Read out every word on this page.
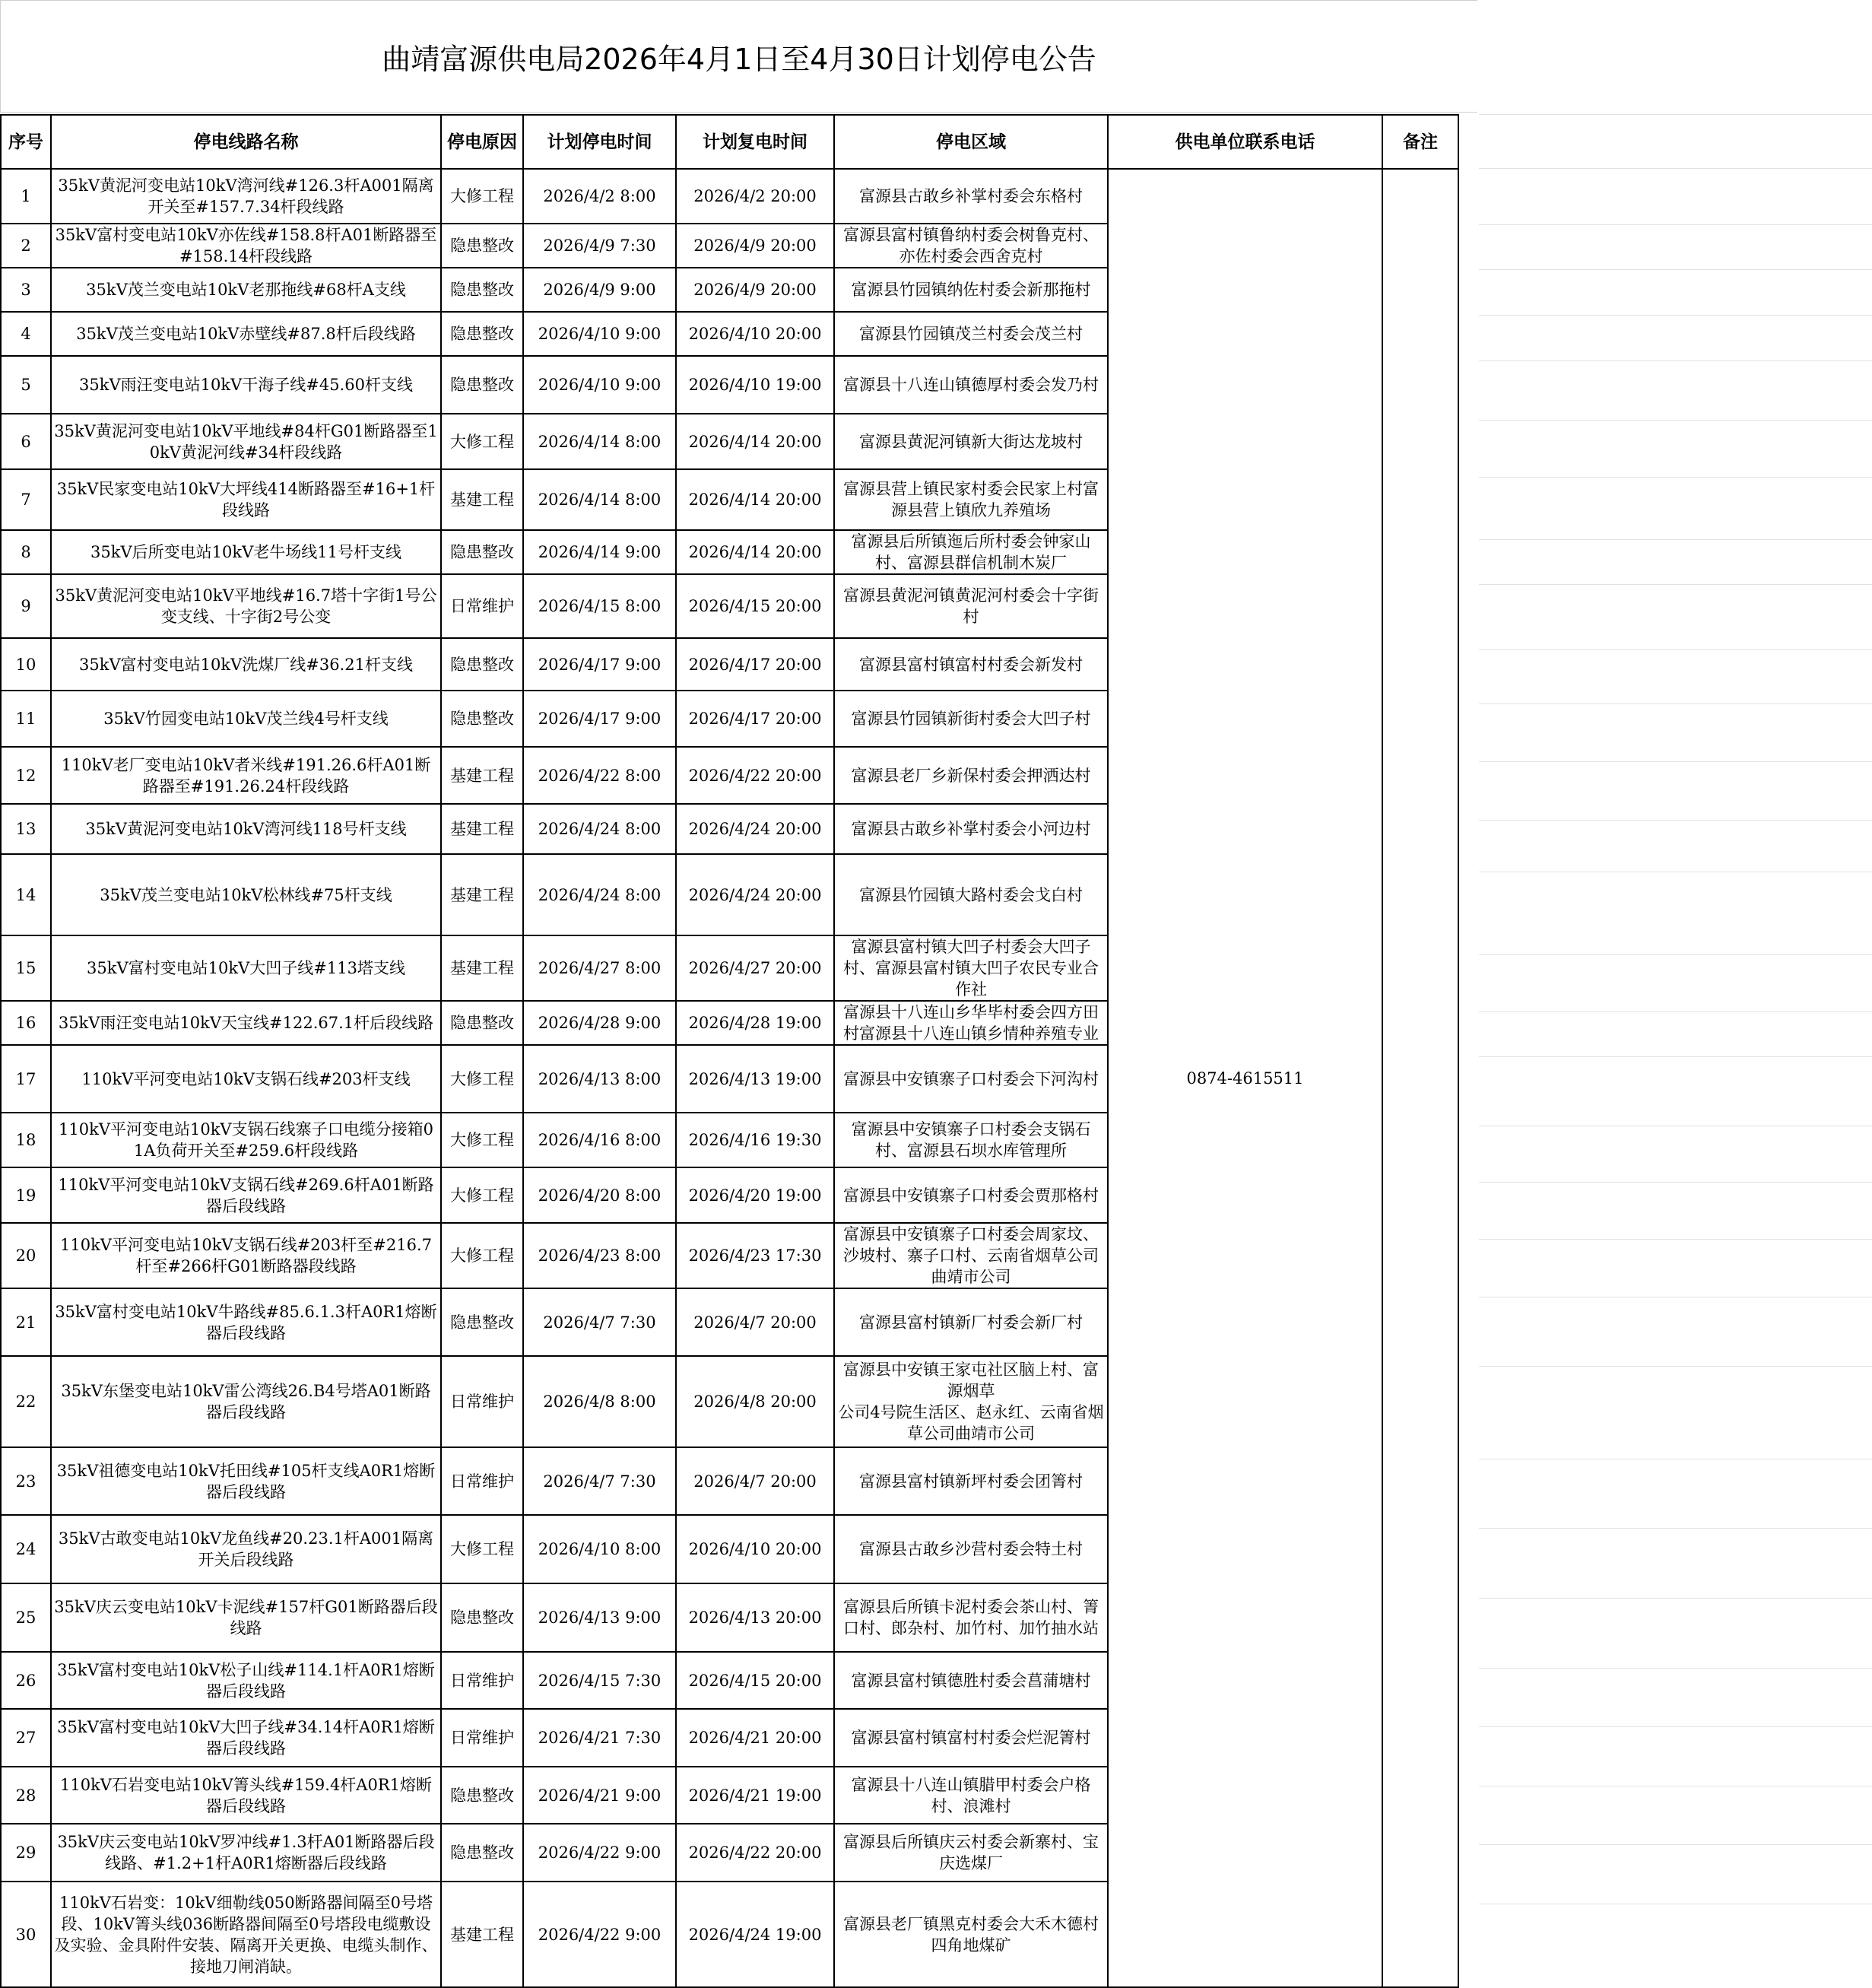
曲靖富源供电局2026年4月1日至4月30日计划停电公告
序号	停电线路名称	停电原因	计划停电时间	计划复电时间	停电区域	供电单位联系电话	备注
1	35kV黄泥河变电站10kV湾河线#126.3杆A001隔离开关至#157.7.34杆段线路	大修工程	2026/4/2 8:00	2026/4/2 20:00	富源县古敢乡补掌村委会东格村	0874-4615511	
2	35kV富村变电站10kV亦佐线#158.8杆A01断路器至#158.14杆段线路	隐患整改	2026/4/9 7:30	2026/4/9 20:00	富源县富村镇鲁纳村委会树鲁克村、亦佐村委会西舍克村		
3	35kV茂兰变电站10kV老那拖线#68杆A支线	隐患整改	2026/4/9 9:00	2026/4/9 20:00	富源县竹园镇纳佐村委会新那拖村		
4	35kV茂兰变电站10kV赤壁线#87.8杆后段线路	隐患整改	2026/4/10 9:00	2026/4/10 20:00	富源县竹园镇茂兰村委会茂兰村		
5	35kV雨汪变电站10kV干海子线#45.60杆支线	隐患整改	2026/4/10 9:00	2026/4/10 19:00	富源县十八连山镇德厚村委会发乃村		
6	35kV黄泥河变电站10kV平地线#84杆G01断路器至10kV黄泥河线#34杆段线路	大修工程	2026/4/14 8:00	2026/4/14 20:00	富源县黄泥河镇新大街达龙坡村		
7	35kV民家变电站10kV大坪线414断路器至#16+1杆段线路	基建工程	2026/4/14 8:00	2026/4/14 20:00	富源县营上镇民家村委会民家上村富源县营上镇欣九养殖场		
8	35kV后所变电站10kV老牛场线11号杆支线	隐患整改	2026/4/14 9:00	2026/4/14 20:00	富源县后所镇迤后所村委会钟家山村、富源县群信机制木炭厂		
9	35kV黄泥河变电站10kV平地线#16.7塔十字街1号公变支线、十字街2号公变	日常维护	2026/4/15 8:00	2026/4/15 20:00	富源县黄泥河镇黄泥河村委会十字街村		
10	35kV富村变电站10kV洗煤厂线#36.21杆支线	隐患整改	2026/4/17 9:00	2026/4/17 20:00	富源县富村镇富村村委会新发村		
11	35kV竹园变电站10kV茂兰线4号杆支线	隐患整改	2026/4/17 9:00	2026/4/17 20:00	富源县竹园镇新街村委会大凹子村		
12	110kV老厂变电站10kV者米线#191.26.6杆A01断路器至#191.26.24杆段线路	基建工程	2026/4/22 8:00	2026/4/22 20:00	富源县老厂乡新保村委会押洒达村		
13	35kV黄泥河变电站10kV湾河线118号杆支线	基建工程	2026/4/24 8:00	2026/4/24 20:00	富源县古敢乡补掌村委会小河边村		
14	35kV茂兰变电站10kV松林线#75杆支线	基建工程	2026/4/24 8:00	2026/4/24 20:00	富源县竹园镇大路村委会戈白村		
15	35kV富村变电站10kV大凹子线#113塔支线	基建工程	2026/4/27 8:00	2026/4/27 20:00	富源县富村镇大凹子村委会大凹子村、富源县富村镇大凹子农民专业合作社		
16	35kV雨汪变电站10kV天宝线#122.67.1杆后段线路	隐患整改	2026/4/28 9:00	2026/4/28 19:00	富源县十八连山乡华毕村委会四方田村富源县十八连山镇乡情种养殖专业		
17	110kV平河变电站10kV支锅石线#203杆支线	大修工程	2026/4/13 8:00	2026/4/13 19:00	富源县中安镇寨子口村委会下河沟村		
18	110kV平河变电站10kV支锅石线寨子口电缆分接箱01A负荷开关至#259.6杆段线路	大修工程	2026/4/16 8:00	2026/4/16 19:30	富源县中安镇寨子口村委会支锅石村、富源县石坝水库管理所		
19	110kV平河变电站10kV支锅石线#269.6杆A01断路器后段线路	大修工程	2026/4/20 8:00	2026/4/20 19:00	富源县中安镇寨子口村委会贾那格村		
20	110kV平河变电站10kV支锅石线#203杆至#216.7杆至#266杆G01断路器段线路	大修工程	2026/4/23 8:00	2026/4/23 17:30	富源县中安镇寨子口村委会周家坟、沙坡村、寨子口村、云南省烟草公司曲靖市公司		
21	35kV富村变电站10kV牛路线#85.6.1.3杆A0R1熔断器后段线路	隐患整改	2026/4/7 7:30	2026/4/7 20:00	富源县富村镇新厂村委会新厂村		
22	35kV东堡变电站10kV雷公湾线26.B4号塔A01断路器后段线路	日常维护	2026/4/8 8:00	2026/4/8 20:00	富源县中安镇王家屯社区脑上村、富源烟草
公司4号院生活区、赵永红、云南省烟草公司曲靖市公司		
23	35kV祖德变电站10kV托田线#105杆支线A0R1熔断器后段线路	日常维护	2026/4/7 7:30	2026/4/7 20:00	富源县富村镇新坪村委会团箐村		
24	35kV古敢变电站10kV龙鱼线#20.23.1杆A001隔离开关后段线路	大修工程	2026/4/10 8:00	2026/4/10 20:00	富源县古敢乡沙营村委会特土村		
25	35kV庆云变电站10kV卡泥线#157杆G01断路器后段线路	隐患整改	2026/4/13 9:00	2026/4/13 20:00	富源县后所镇卡泥村委会茶山村、箐口村、郎杂村、加竹村、加竹抽水站		
26	35kV富村变电站10kV松子山线#114.1杆A0R1熔断器后段线路	日常维护	2026/4/15 7:30	2026/4/15 20:00	富源县富村镇德胜村委会菖蒲塘村		
27	35kV富村变电站10kV大凹子线#34.14杆A0R1熔断器后段线路	日常维护	2026/4/21 7:30	2026/4/21 20:00	富源县富村镇富村村委会烂泥箐村		
28	110kV石岩变电站10kV箐头线#159.4杆A0R1熔断器后段线路	隐患整改	2026/4/21 9:00	2026/4/21 19:00	富源县十八连山镇腊甲村委会户格村、浪滩村		
29	35kV庆云变电站10kV罗冲线#1.3杆A01断路器后段线路、#1.2+1杆A0R1熔断器后段线路	隐患整改	2026/4/22 9:00	2026/4/22 20:00	富源县后所镇庆云村委会新寨村、宝庆选煤厂		
30	110kV石岩变：10kV细勒线050断路器间隔至0号塔段、10kV箐头线036断路器间隔至0号塔段电缆敷设及实验、金具附件安装、隔离开关更换、电缆头制作、接地刀闸消缺。	基建工程	2026/4/22 9:00	2026/4/24 19:00	富源县老厂镇黑克村委会大禾木德村四角地煤矿		
